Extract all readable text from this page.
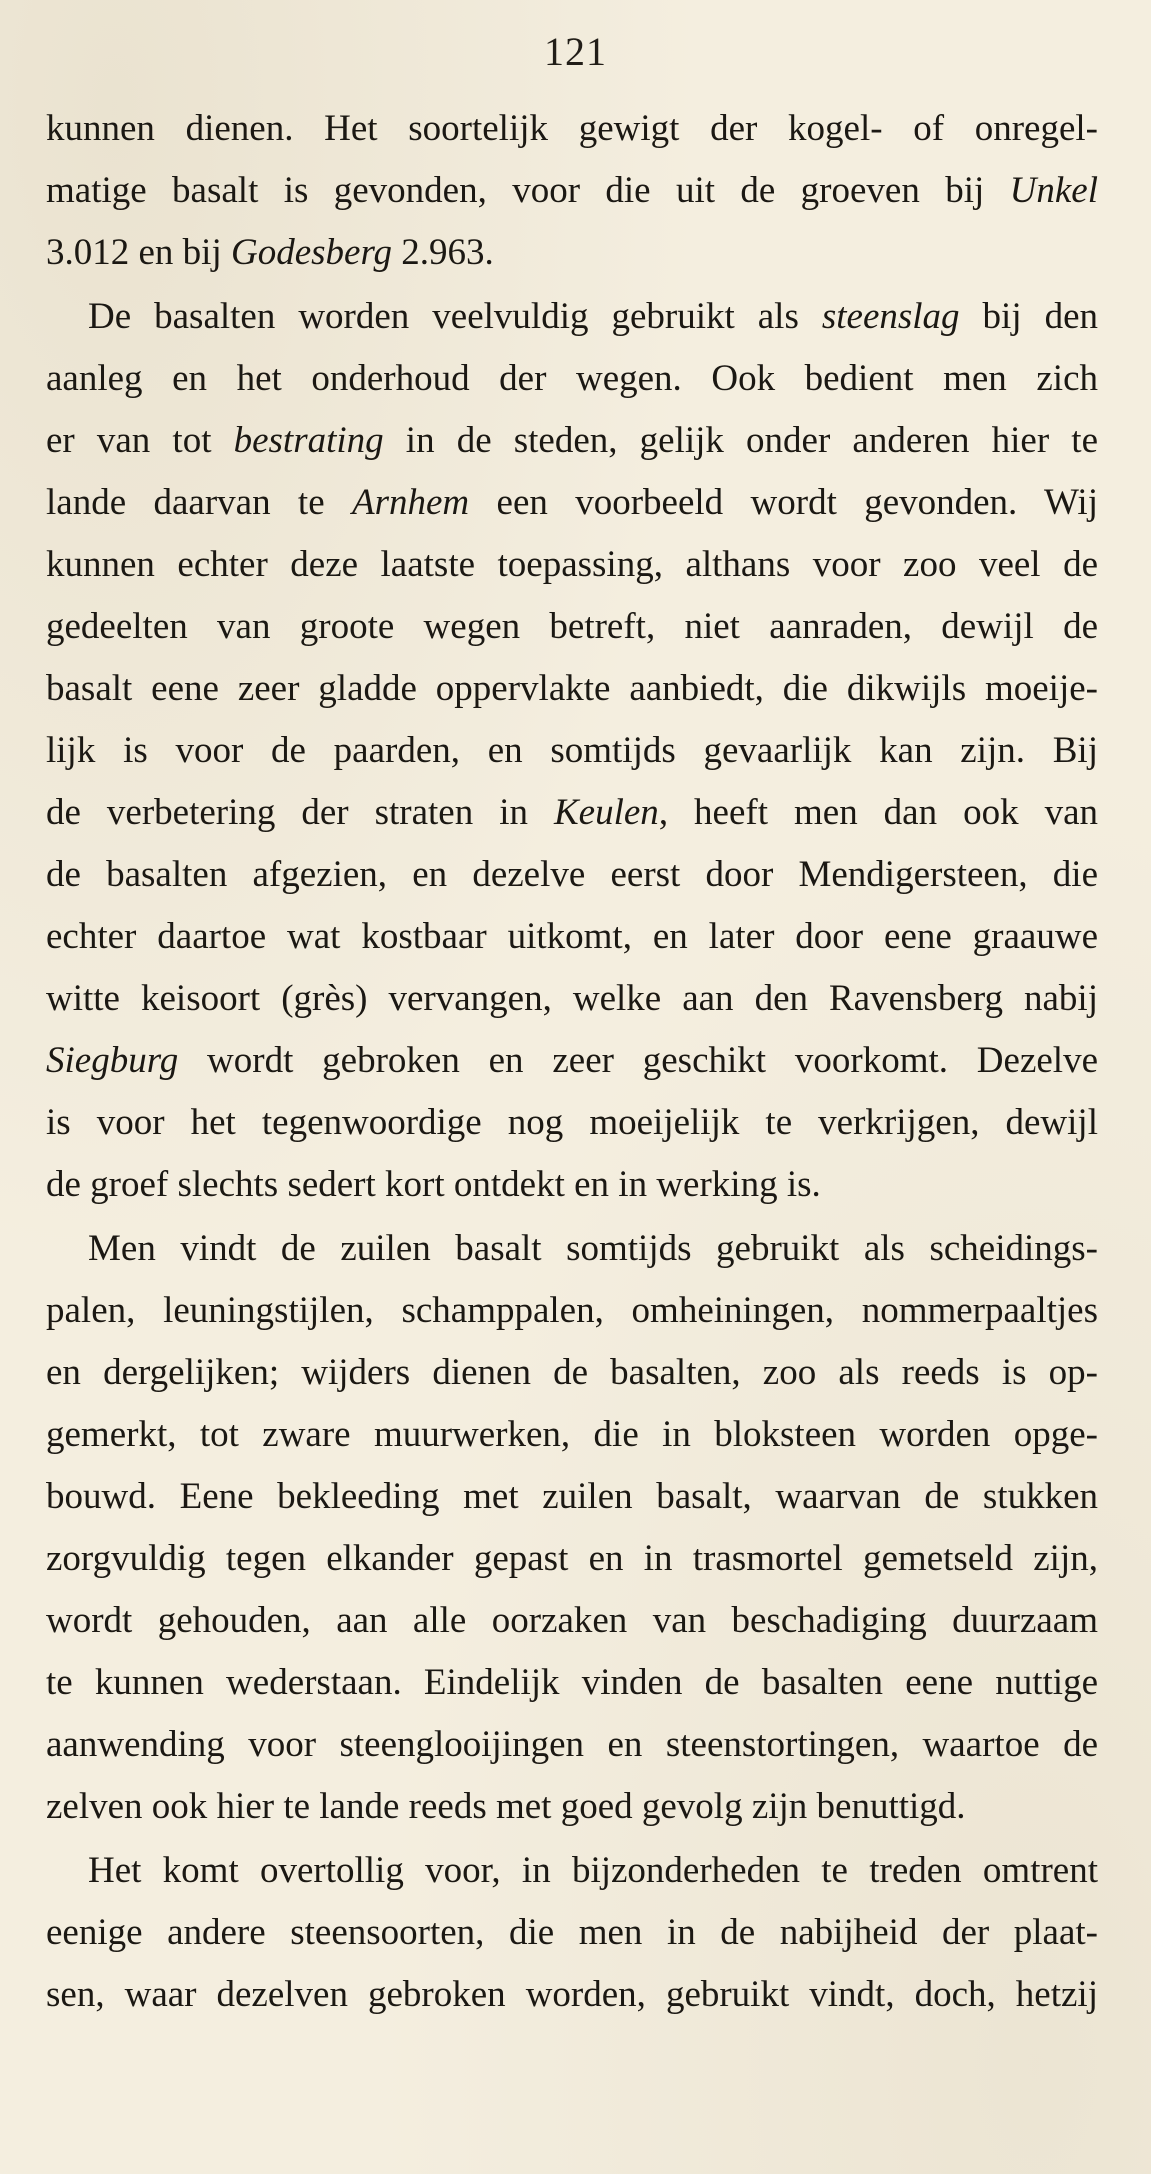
121
kunnen dienen. Het soortelijk gewigt der kogel- of onregel-
matige basalt is gevonden, voor die uit de groeven bij Unkel
3.012 en bij Godesberg 2.963.
De basalten worden veelvuldig gebruikt als steenslag bij den
aanleg en het onderhoud der wegen. Ook bedient men zich
er van tot bestrating in de steden, gelijk onder anderen hier te
lande daarvan te Arnhem een voorbeeld wordt gevonden. Wij
kunnen echter deze laatste toepassing, althans voor zoo veel de
gedeelten van groote wegen betreft, niet aanraden, dewijl de
basalt eene zeer gladde oppervlakte aanbiedt, die dikwijls moeije-
lijk is voor de paarden, en somtijds gevaarlijk kan zijn. Bij
de verbetering der straten in Keulen, heeft men dan ook van
de basalten afgezien, en dezelve eerst door Mendigersteen, die
echter daartoe wat kostbaar uitkomt, en later door eene graauwe
witte keisoort (grès) vervangen, welke aan den Ravensberg nabij
Siegburg wordt gebroken en zeer geschikt voorkomt. Dezelve
is voor het tegenwoordige nog moeijelijk te verkrijgen, dewijl
de groef slechts sedert kort ontdekt en in werking is.
Men vindt de zuilen basalt somtijds gebruikt als scheidings-
palen, leuningstijlen, schamppalen, omheiningen, nommerpaaltjes
en dergelijken; wijders dienen de basalten, zoo als reeds is op-
gemerkt, tot zware muurwerken, die in bloksteen worden opge-
bouwd. Eene bekleeding met zuilen basalt, waarvan de stukken
zorgvuldig tegen elkander gepast en in trasmortel gemetseld zijn,
wordt gehouden, aan alle oorzaken van beschadiging duurzaam
te kunnen wederstaan. Eindelijk vinden de basalten eene nuttige
aanwending voor steenglooijingen en steenstortingen, waartoe de
zelven ook hier te lande reeds met goed gevolg zijn benuttigd.
Het komt overtollig voor, in bijzonderheden te treden omtrent
eenige andere steensoorten, die men in de nabijheid der plaat-
sen, waar dezelven gebroken worden, gebruikt vindt, doch, hetzij
